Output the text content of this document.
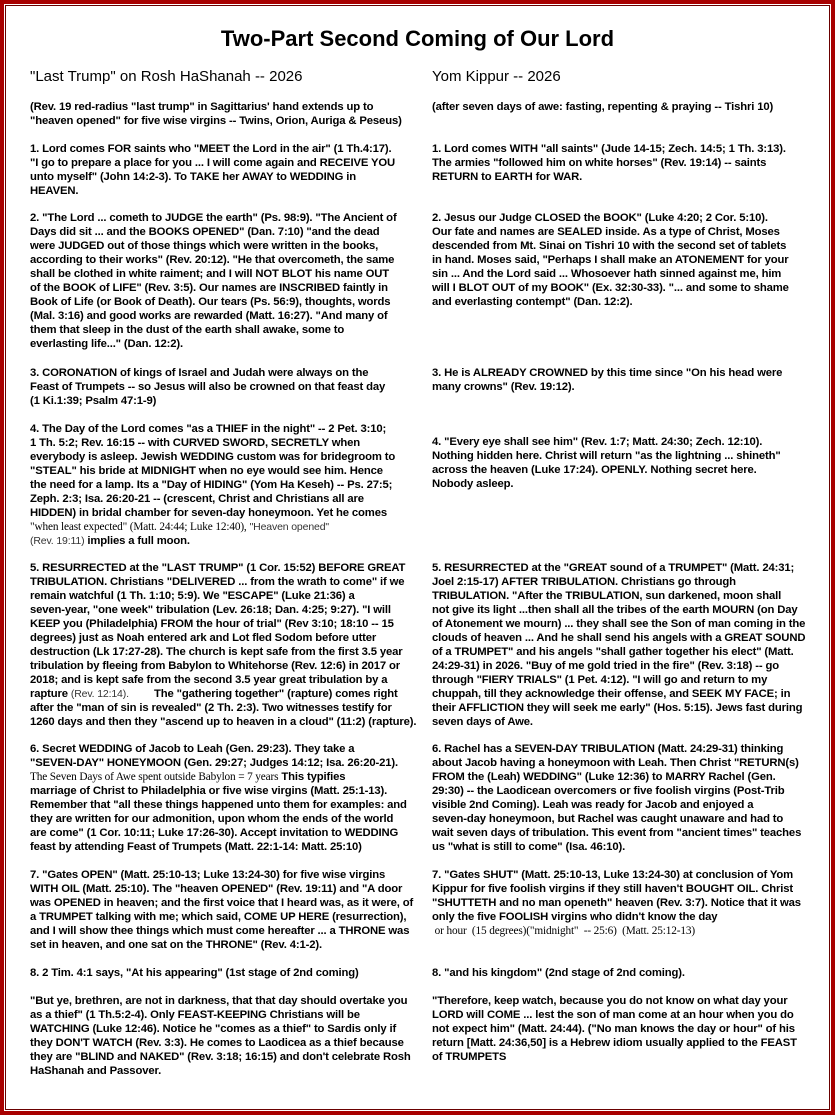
Two-Part Second Coming of Our Lord
"Last Trump" on Rosh HaShanah -- 2026	Yom Kippur -- 2026
(Rev. 19 red-radius "last trump" in Sagittarius' hand extends up to
"heaven opened" for five wise virgins -- Twins, Orion, Auriga & Peseus)
1. Lord comes FOR saints who "MEET the Lord in the air" (1 Th.4:17).
"I go to prepare a place for you ... I will come again and RECEIVE YOU
unto myself" (John 14:2-3). To TAKE her AWAY to WEDDING in
HEAVEN.
2. "The Lord ... cometh to JUDGE the earth" (Ps. 98:9). "The Ancient of
Days did sit ... and the BOOKS OPENED" (Dan. 7:10) "and the dead
were JUDGED out of those things which were written in the books,
according to their works" (Rev. 20:12). "He that overcometh, the same
shall be clothed in white raiment; and I will NOT BLOT his name OUT
of the BOOK of LIFE" (Rev. 3:5). Our names are INSCRIBED faintly in
Book of Life (or Book of Death). Our tears (Ps. 56:9), thoughts, words
(Mal. 3:16) and good works are rewarded (Matt. 16:27). "And many of
them that sleep in the dust of the earth shall awake, some to
everlasting life..." (Dan. 12:2).
3. CORONATION of kings of Israel and Judah were always on the
Feast of Trumpets -- so Jesus will also be crowned on that feast day
(1 Ki.1:39; Psalm 47:1-9)
4. The Day of the Lord comes "as a THIEF in the night" -- 2 Pet. 3:10;
1 Th. 5:2; Rev. 16:15 -- with CURVED SWORD, SECRETLY when
everybody is asleep. Jewish WEDDING custom was for bridegroom to
"STEAL" his bride at MIDNIGHT when no eye would see him. Hence
the need for a lamp. Its a "Day of HIDING" (Yom Ha Keseh) -- Ps. 27:5;
Zeph. 2:3; Isa. 26:20-21 -- (crescent, Christ and Christians all are
HIDDEN) in bridal chamber for seven-day honeymoon. Yet he comes
"when least expected" (Matt. 24:44; Luke 12:40), "Heaven opened"
(Rev. 19:11) implies a full moon.
5. RESURRECTED at the "LAST TRUMP" (1 Cor. 15:52) BEFORE GREAT
TRIBULATION. Christians "DELIVERED ... from the wrath to come" if we
remain watchful (1 Th. 1:10; 5:9). We "ESCAPE" (Luke 21:36) a
seven-year, "one week" tribulation (Lev. 26:18; Dan. 4:25; 9:27). "I will
KEEP you (Philadelphia) FROM the hour of trial" (Rev 3:10; 18:10 -- 15
degrees) just as Noah entered ark and Lot fled Sodom before utter
destruction (Lk 17:27-28). The church is kept safe from the first 3.5 year
tribulation by fleeing from Babylon to Whitehorse (Rev. 12:6) in 2017 or
2018; and is kept safe from the second 3.5 year great tribulation by a
rapture (Rev. 12:14).	The "gathering together" (rapture) comes right
after the "man of sin is revealed" (2 Th. 2:3). Two witnesses testify for
1260 days and then they "ascend up to heaven in a cloud" (11:2) (rapture).
6. Secret WEDDING of Jacob to Leah (Gen. 29:23). They take a
"SEVEN-DAY" HONEYMOON (Gen. 29:27; Judges 14:12; Isa. 26:20-21).
The Seven Days of Awe spent outside Babylon = 7 years This typifies
marriage of Christ to Philadelphia or five wise virgins (Matt. 25:1-13).
Remember that "all these things happened unto them for examples: and
they are written for our admonition, upon whom the ends of the world
are come" (1 Cor. 10:11; Luke 17:26-30). Accept invitation to WEDDING
feast by attending Feast of Trumpets (Matt. 22:1-14: Matt. 25:10)
7. "Gates OPEN" (Matt. 25:10-13; Luke 13:24-30) for five wise virgins
WITH OIL (Matt. 25:10). The "heaven OPENED" (Rev. 19:11) and "A door
was OPENED in heaven; and the first voice that I heard was, as it were, of
a TRUMPET talking with me; which said, COME UP HERE (resurrection),
and I will show thee things which must come hereafter ... a THRONE was
set in heaven, and one sat on the THRONE" (Rev. 4:1-2).
8. 2 Tim. 4:1 says, "At his appearing" (1st stage of 2nd coming)
"But ye, brethren, are not in darkness, that that day should overtake you
as a thief" (1 Th.5:2-4). Only FEAST-KEEPING Christians will be
WATCHING (Luke 12:46). Notice he "comes as a thief" to Sardis only if
they DON'T WATCH (Rev. 3:3). He comes to Laodicea as a thief because
they are "BLIND and NAKED" (Rev. 3:18; 16:15) and don't celebrate Rosh
HaShanah and Passover.
(after seven days of awe: fasting, repenting & praying -- Tishri 10)
1. Lord comes WITH "all saints" (Jude 14-15; Zech. 14:5; 1 Th. 3:13).
The armies "followed him on white horses" (Rev. 19:14) -- saints
RETURN to EARTH for WAR.
2. Jesus our Judge CLOSED the BOOK" (Luke 4:20; 2 Cor. 5:10).
Our fate and names are SEALED inside. As a type of Christ, Moses
descended from Mt. Sinai on Tishri 10 with the second set of tablets
in hand. Moses said, "Perhaps I shall make an ATONEMENT for your
sin ... And the Lord said ... Whosoever hath sinned against me, him
will I BLOT OUT of my BOOK" (Ex. 32:30-33). "... and some to shame
and everlasting contempt" (Dan. 12:2).
3. He is ALREADY CROWNED by this time since "On his head were
many crowns" (Rev. 19:12).
4. "Every eye shall see him" (Rev. 1:7; Matt. 24:30; Zech. 12:10).
Nothing hidden here. Christ will return "as the lightning ... shineth"
across the heaven (Luke 17:24). OPENLY. Nothing secret here.
Nobody asleep.
5. RESURRECTED at the "GREAT sound of a TRUMPET" (Matt. 24:31;
Joel 2:15-17) AFTER TRIBULATION. Christians go through
TRIBULATION. "After the TRIBULATION, sun darkened, moon shall
not give its light ...then shall all the tribes of the earth MOURN (on Day
of Atonement we mourn) ... they shall see the Son of man coming in the
clouds of heaven ... And he shall send his angels with a GREAT SOUND
of a TRUMPET" and his angels "shall gather together his elect" (Matt.
24:29-31) in 2026. "Buy of me gold tried in the fire" (Rev. 3:18) -- go
through "FIERY TRIALS" (1 Pet. 4:12). "I will go and return to my
chuppah, till they acknowledge their offense, and SEEK MY FACE; in
their AFFLICTION they will seek me early" (Hos. 5:15). Jews fast during
seven days of Awe.
6. Rachel has a SEVEN-DAY TRIBULATION (Matt. 24:29-31) thinking
about Jacob having a honeymoon with Leah. Then Christ "RETURN(s)
FROM the (Leah) WEDDING" (Luke 12:36) to MARRY Rachel (Gen.
29:30) -- the Laodicean overcomers or five foolish virgins (Post-Trib
visible 2nd Coming). Leah was ready for Jacob and enjoyed a
seven-day honeymoon, but Rachel was caught unaware and had to
wait seven days of tribulation. This event from "ancient times" teaches
us "what is still to come" (Isa. 46:10).
7. "Gates SHUT" (Matt. 25:10-13, Luke 13:24-30) at conclusion of Yom
Kippur for five foolish virgins if they still haven't BOUGHT OIL. Christ
"SHUTTETH and no man openeth" heaven (Rev. 3:7). Notice that it was
only the five FOOLISH virgins who didn't know the day
or hour  (15 degrees)("midnight"  -- 25:6)  (Matt. 25:12-13)
8. "and his kingdom" (2nd stage of 2nd coming).
"Therefore, keep watch, because you do not know on what day your
LORD will COME ... lest the son of man come at an hour when you do
not expect him" (Matt. 24:44). ("No man knows the day or hour" of his
return [Matt. 24:36,50] is a Hebrew idiom usually applied to the FEAST
of TRUMPETS
